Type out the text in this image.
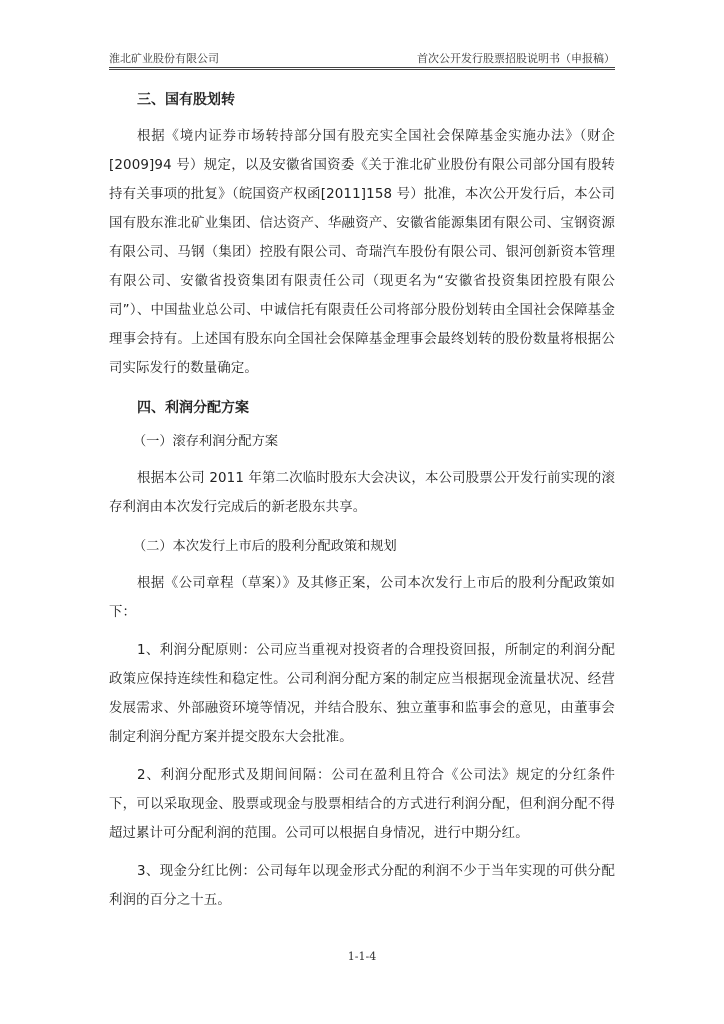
淮北矿业股份有限公司	首次公开发行股票招股说明书（申报稿）
三、国有股划转

根据《境内证券市场转持部分国有股充实全国社会保障基金实施办法》（财企[2009]94 号）规定，以及安徽省国资委《关于淮北矿业股份有限公司部分国有股转持有关事项的批复》（皖国资产权函[2011]158 号）批准，本次公开发行后，本公司国有股东淮北矿业集团、信达资产、华融资产、安徽省能源集团有限公司、宝钢资源有限公司、马钢（集团）控股有限公司、奇瑞汽车股份有限公司、银河创新资本管理有限公司、安徽省投资集团有限责任公司（现更名为“安徽省投资集团控股有限公司”）、中国盐业总公司、中诚信托有限责任公司将部分股份划转由全国社会保障基金理事会持有。上述国有股东向全国社会保障基金理事会最终划转的股份数量将根据公司实际发行的数量确定。

四、利润分配方案
（一）滚存利润分配方案

根据本公司 2011 年第二次临时股东大会决议，本公司股票公开发行前实现的滚存利润由本次发行完成后的新老股东共享。

（二）本次发行上市后的股利分配政策和规划

根据《公司章程（草案）》及其修正案，公司本次发行上市后的股利分配政策如下：

1、利润分配原则：公司应当重视对投资者的合理投资回报，所制定的利润分配政策应保持连续性和稳定性。公司利润分配方案的制定应当根据现金流量状况、经营发展需求、外部融资环境等情况，并结合股东、独立董事和监事会的意见，由董事会制定利润分配方案并提交股东大会批准。

2、利润分配形式及期间间隔：公司在盈利且符合《公司法》规定的分红条件下，可以采取现金、股票或现金与股票相结合的方式进行利润分配，但利润分配不得超过累计可分配利润的范围。公司可以根据自身情况，进行中期分红。

3、现金分红比例：公司每年以现金形式分配的利润不少于当年实现的可供分配利润的百分之十五。

1-1-4
